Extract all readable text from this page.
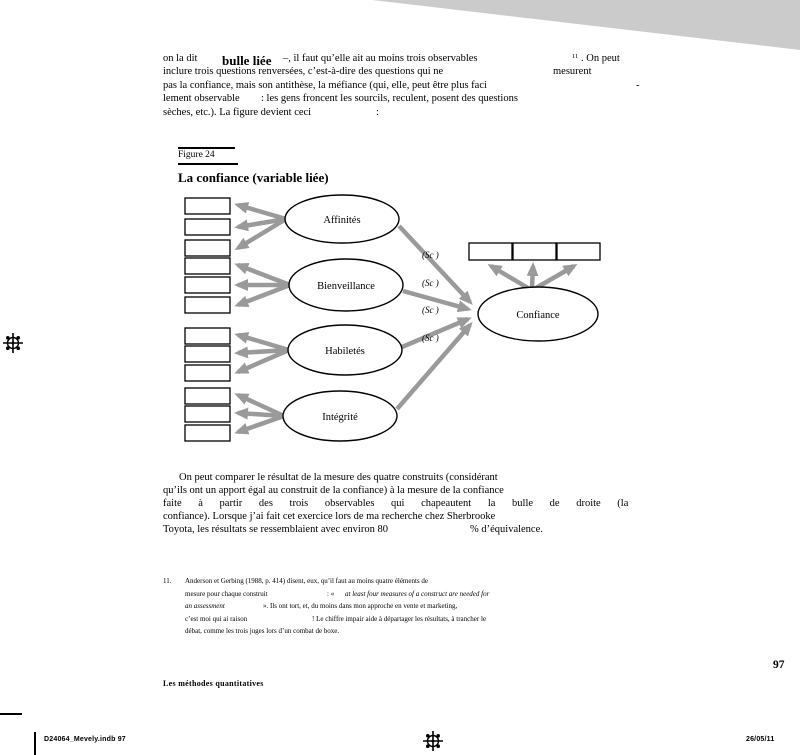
on la dit bulle liée –, il faut qu’elle ait au moins trois observables	11 . On peut
inclure trois questions renversées, c’est-à-dire des questions qui ne	mesurent
pas la confiance, mais son antithèse, la méfiance (qui, elle, peut être plus faci	-
lement observable : les gens froncent les sourcils, reculent, posent des questions
sèches, etc.). La figure devient ceci	:
Figure 24
La confiance (variable liée)
Affinités
Bienveillance
Habiletés
Intégrité
Confiance
(Sc )
(Sc )
(Sc )
(Sc )
On peut comparer le résultat de la mesure des quatre construits (considérant
qu’ils ont un apport égal au construit de la confiance) à la mesure de la confiance
faite à partir des trois observables qui chapeautent la bulle de droite (la
confiance). Lorsque j’ai fait cet exercice lors de ma recherche chez Sherbrooke
Toyota, les résultats se ressemblaient avec environ 80	% d’équivalence.
11. Anderson et Gerbing (1988, p. 414) disent, eux, qu’il faut au moins quatre éléments de
mesure pour chaque construit	: « at least four measures of a construct are needed for
an assessment	». Ils ont tort, et, du moins dans mon approche en vente et marketing,
c’est moi qui ai raison	! Le chiffre impair aide à départager les résultats, à trancher le
débat, comme les trois juges lors d’un combat de boxe.
97
Les méthodes quantitatives
D24064_Mevely.indb 97	26/05/11
